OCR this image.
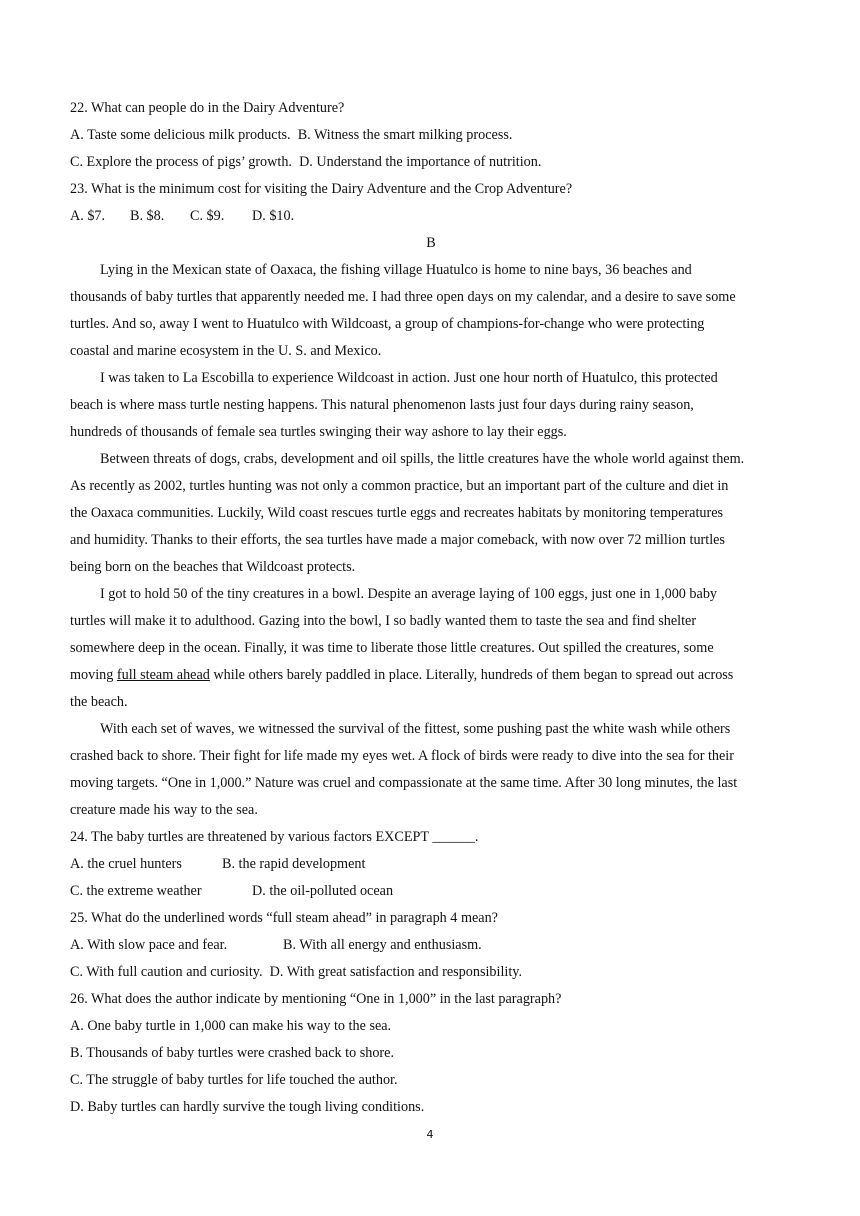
22. What can people do in the Dairy Adventure?
A. Taste some delicious milk products. B. Witness the smart milking process.
C. Explore the process of pigs’ growth. D. Understand the importance of nutrition.
23. What is the minimum cost for visiting the Dairy Adventure and the Crop Adventure?
A. $7. B. $8. C. $9. D. $10.
B
Lying in the Mexican state of Oaxaca, the fishing village Huatulco is home to nine bays, 36 beaches and
thousands of baby turtles that apparently needed me. I had three open days on my calendar, and a desire to save some
turtles. And so, away I went to Huatulco with Wildcoast, a group of champions-for-change who were protecting
coastal and marine ecosystem in the U. S. and Mexico.
I was taken to La Escobilla to experience Wildcoast in action. Just one hour north of Huatulco, this protected
beach is where mass turtle nesting happens. This natural phenomenon lasts just four days during rainy season,
hundreds of thousands of female sea turtles swinging their way ashore to lay their eggs.
Between threats of dogs, crabs, development and oil spills, the little creatures have the whole world against them.
As recently as 2002, turtles hunting was not only a common practice, but an important part of the culture and diet in
the Oaxaca communities. Luckily, Wild coast rescues turtle eggs and recreates habitats by monitoring temperatures
and humidity. Thanks to their efforts, the sea turtles have made a major comeback, with now over 72 million turtles
being born on the beaches that Wildcoast protects.
I got to hold 50 of the tiny creatures in a bowl. Despite an average laying of 100 eggs, just one in 1,000 baby
turtles will make it to adulthood. Gazing into the bowl, I so badly wanted them to taste the sea and find shelter
somewhere deep in the ocean. Finally, it was time to liberate those little creatures. Out spilled the creatures, some
moving full steam ahead while others barely paddled in place. Literally, hundreds of them began to spread out across
the beach.
With each set of waves, we witnessed the survival of the fittest, some pushing past the white wash while others
crashed back to shore. Their fight for life made my eyes wet. A flock of birds were ready to dive into the sea for their
moving targets. “One in 1,000.” Nature was cruel and compassionate at the same time. After 30 long minutes, the last
creature made his way to the sea.
24. The baby turtles are threatened by various factors EXCEPT ______.
A. the cruel hunters	B. the rapid development
C. the extreme weather	D. the oil-polluted ocean
25. What do the underlined words “full steam ahead” in paragraph 4 mean?
A. With slow pace and fear.	B. With all energy and enthusiasm.
C. With full caution and curiosity. D. With great satisfaction and responsibility.
26. What does the author indicate by mentioning “One in 1,000” in the last paragraph?
A. One baby turtle in 1,000 can make his way to the sea.
B. Thousands of baby turtles were crashed back to shore.
C. The struggle of baby turtles for life touched the author.
D. Baby turtles can hardly survive the tough living conditions.
4
